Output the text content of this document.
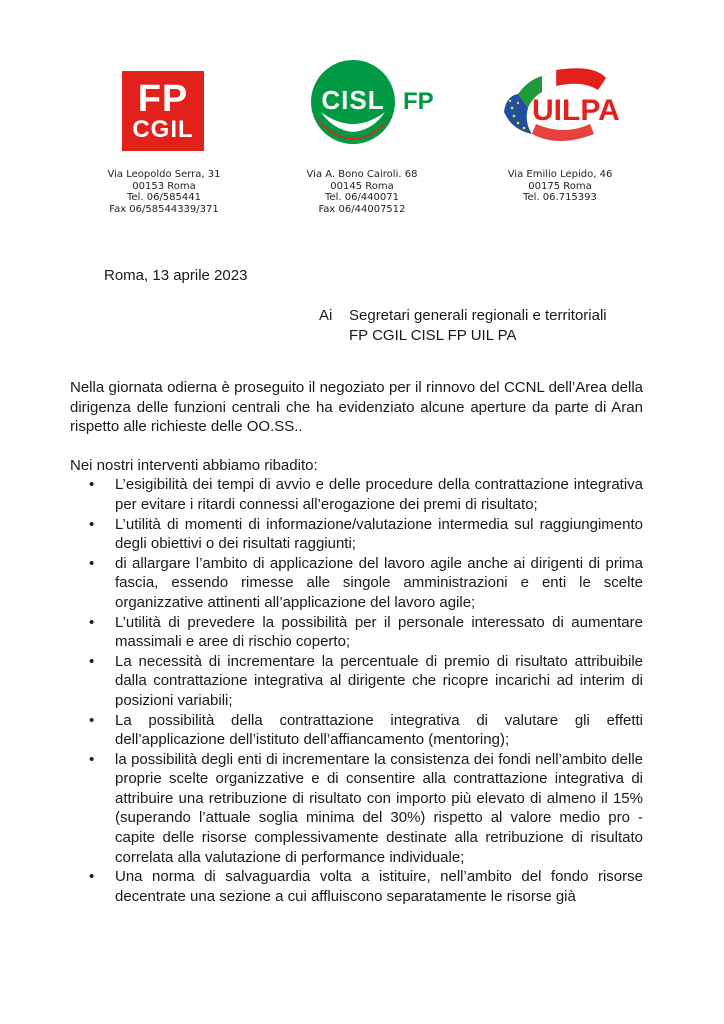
FP
CGIL
CISL FP	UILPA
Via Leopoldo Serra, 31
00153 Roma
Tel. 06/585441
Fax 06/58544339/371
Via A. Bono Cairoli. 68
00145 Roma
Tel. 06/440071
Fax 06/44007512
Via Emilio Lepido, 46
00175 Roma
Tel. 06.715393
Roma, 13 aprile 2023
Ai Segretari generali regionali e territoriali
FP CGIL CISL FP UIL PA

Nella giornata odierna è proseguito il negoziato per il rinnovo del CCNL dell’Area della dirigenza delle funzioni centrali che ha evidenziato alcune aperture da parte di Aran rispetto alle richieste delle OO.SS..

Nei nostri interventi abbiamo ribadito:

• L’esigibilità dei tempi di avvio e delle procedure della contrattazione integrativa per evitare i ritardi connessi all’erogazione dei premi di risultato;
• L’utilità di momenti di informazione/valutazione intermedia sul raggiungimento degli obiettivi o dei risultati raggiunti;
• di allargare l’ambito di applicazione del lavoro agile anche ai dirigenti di prima fascia, essendo rimesse alle singole amministrazioni e enti le scelte organizzative attinenti all’applicazione del lavoro agile;
• L’utilità di prevedere la possibilità per il personale interessato di aumentare massimali e aree di rischio coperto;
• La necessità di incrementare la percentuale di premio di risultato attribuibile dalla contrattazione integrativa al dirigente che ricopre incarichi ad interim di posizioni variabili;
• La possibilità della contrattazione integrativa di valutare gli effetti dell’applicazione dell’istituto dell’affiancamento (mentoring);
• la possibilità degli enti di incrementare la consistenza dei fondi nell’ambito delle proprie scelte organizzative e di consentire alla contrattazione integrativa di attribuire una retribuzione di risultato con importo più elevato di almeno il 15% (superando l’attuale soglia minima del 30%) rispetto al valore medio pro - capite delle risorse complessivamente destinate alla retribuzione di risultato correlata alla valutazione di performance individuale;
• Una norma di salvaguardia volta a istituire, nell’ambito del fondo risorse decentrate una sezione a cui affluiscono separatamente le risorse già
